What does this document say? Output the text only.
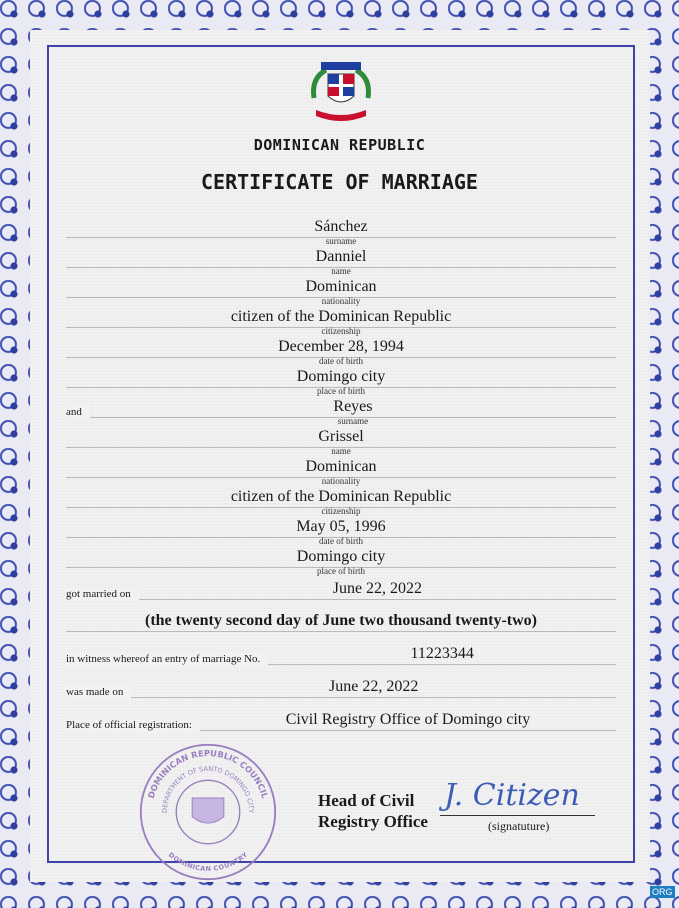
DOMINICAN REPUBLIC
CERTIFICATE OF MARRIAGE
Sánchez
surname
Danniel
name
Dominican
nationality
citizen of the Dominican Republic
citizenship
December 28, 1994
date of birth
Domingo city
place of birth
and	Reyes
surname
Grissel
name
Dominican
nationality
citizen of the Dominican Republic
citizenship
May 05, 1996
date of birth
Domingo city
place of birth
got married on	June 22, 2022
(the twenty second day of June two thousand twenty-two)
in witness whereof an entry of marriage No.	11223344
was made on	June 22, 2022
Place of official registration:	Civil Registry Office of Domingo city
DOMINICAN REPUBLIC COUNCIL
DEPARTMENT OF SANTO DOMINGO CITY
DOMINICAN COUNTRY
Head of Civil
Registry Office
J. Citizen
(signatuture)
ORG
